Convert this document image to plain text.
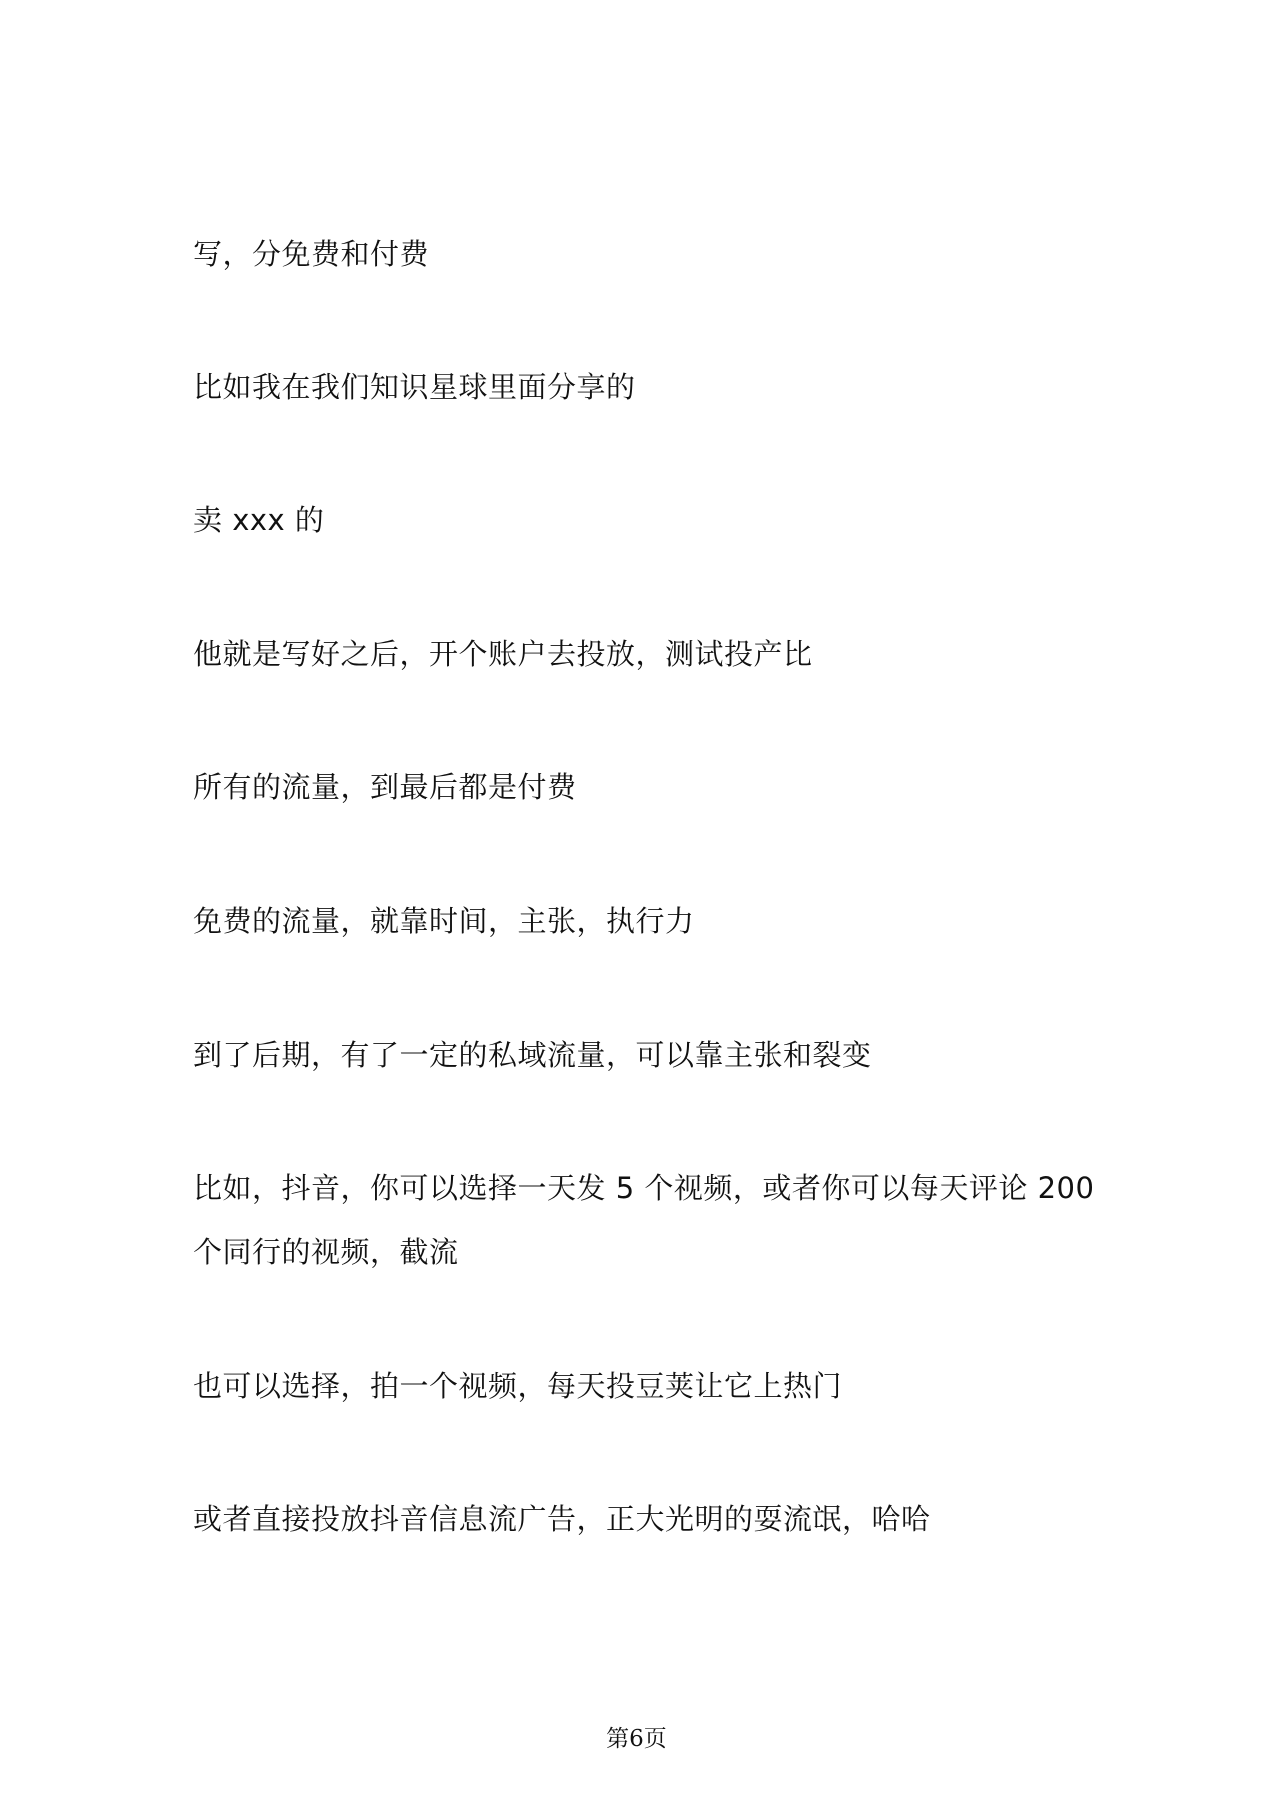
写，分免费和付费
比如我在我们知识星球里面分享的
卖 xxx 的
他就是写好之后，开个账户去投放，测试投产比
所有的流量，到最后都是付费
免费的流量，就靠时间，主张，执行力
到了后期，有了一定的私域流量，可以靠主张和裂变
比如，抖音，你可以选择一天发 5 个视频，或者你可以每天评论 200
个同行的视频，截流
也可以选择，拍一个视频，每天投豆荚让它上热门
或者直接投放抖音信息流广告，正大光明的耍流氓，哈哈
第6页
